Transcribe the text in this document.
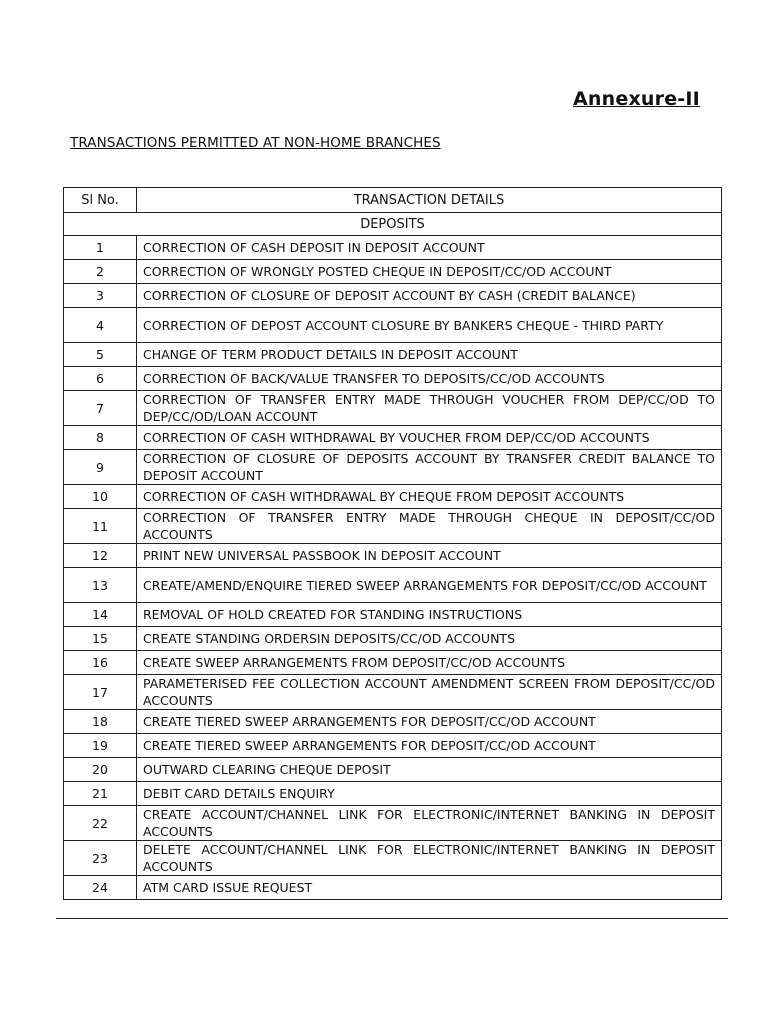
Annexure-II
TRANSACTIONS PERMITTED AT NON-HOME BRANCHES
Sl No.	TRANSACTION DETAILS
DEPOSITS	
1	CORRECTION OF CASH DEPOSIT IN DEPOSIT ACCOUNT
2	CORRECTION OF WRONGLY POSTED CHEQUE IN DEPOSIT/CC/OD ACCOUNT
3	CORRECTION OF CLOSURE OF DEPOSIT ACCOUNT BY CASH (CREDIT BALANCE)
4	CORRECTION OF DEPOST ACCOUNT CLOSURE BY BANKERS CHEQUE - THIRD PARTY
5	CHANGE OF TERM PRODUCT DETAILS IN DEPOSIT ACCOUNT
6	CORRECTION OF BACK/VALUE TRANSFER TO DEPOSITS/CC/OD ACCOUNTS
7	CORRECTION OF TRANSFER ENTRY MADE THROUGH VOUCHER FROM DEP/CC/OD TO DEP/CC/OD/LOAN ACCOUNT
8	CORRECTION OF CASH WITHDRAWAL BY VOUCHER FROM DEP/CC/OD ACCOUNTS
9	CORRECTION OF CLOSURE OF DEPOSITS ACCOUNT BY TRANSFER CREDIT BALANCE TO DEPOSIT ACCOUNT
10	CORRECTION OF CASH WITHDRAWAL BY CHEQUE FROM DEPOSIT ACCOUNTS
11	CORRECTION OF TRANSFER ENTRY MADE THROUGH CHEQUE IN DEPOSIT/CC/OD ACCOUNTS
12	PRINT NEW UNIVERSAL PASSBOOK IN DEPOSIT ACCOUNT
13	CREATE/AMEND/ENQUIRE TIERED SWEEP ARRANGEMENTS FOR DEPOSIT/CC/OD ACCOUNT
14	REMOVAL OF HOLD CREATED FOR STANDING INSTRUCTIONS
15	CREATE STANDING ORDERSIN DEPOSITS/CC/OD ACCOUNTS
16	CREATE SWEEP ARRANGEMENTS FROM DEPOSIT/CC/OD ACCOUNTS
17	PARAMETERISED FEE COLLECTION ACCOUNT AMENDMENT SCREEN FROM DEPOSIT/CC/OD ACCOUNTS
18	CREATE TIERED SWEEP ARRANGEMENTS FOR DEPOSIT/CC/OD ACCOUNT
19	CREATE TIERED SWEEP ARRANGEMENTS FOR DEPOSIT/CC/OD ACCOUNT
20	OUTWARD CLEARING CHEQUE DEPOSIT
21	DEBIT CARD DETAILS ENQUIRY
22	CREATE ACCOUNT/CHANNEL LINK FOR ELECTRONIC/INTERNET BANKING IN DEPOSIT ACCOUNTS
23	DELETE ACCOUNT/CHANNEL LINK FOR ELECTRONIC/INTERNET BANKING IN DEPOSIT ACCOUNTS
24	ATM CARD ISSUE REQUEST
